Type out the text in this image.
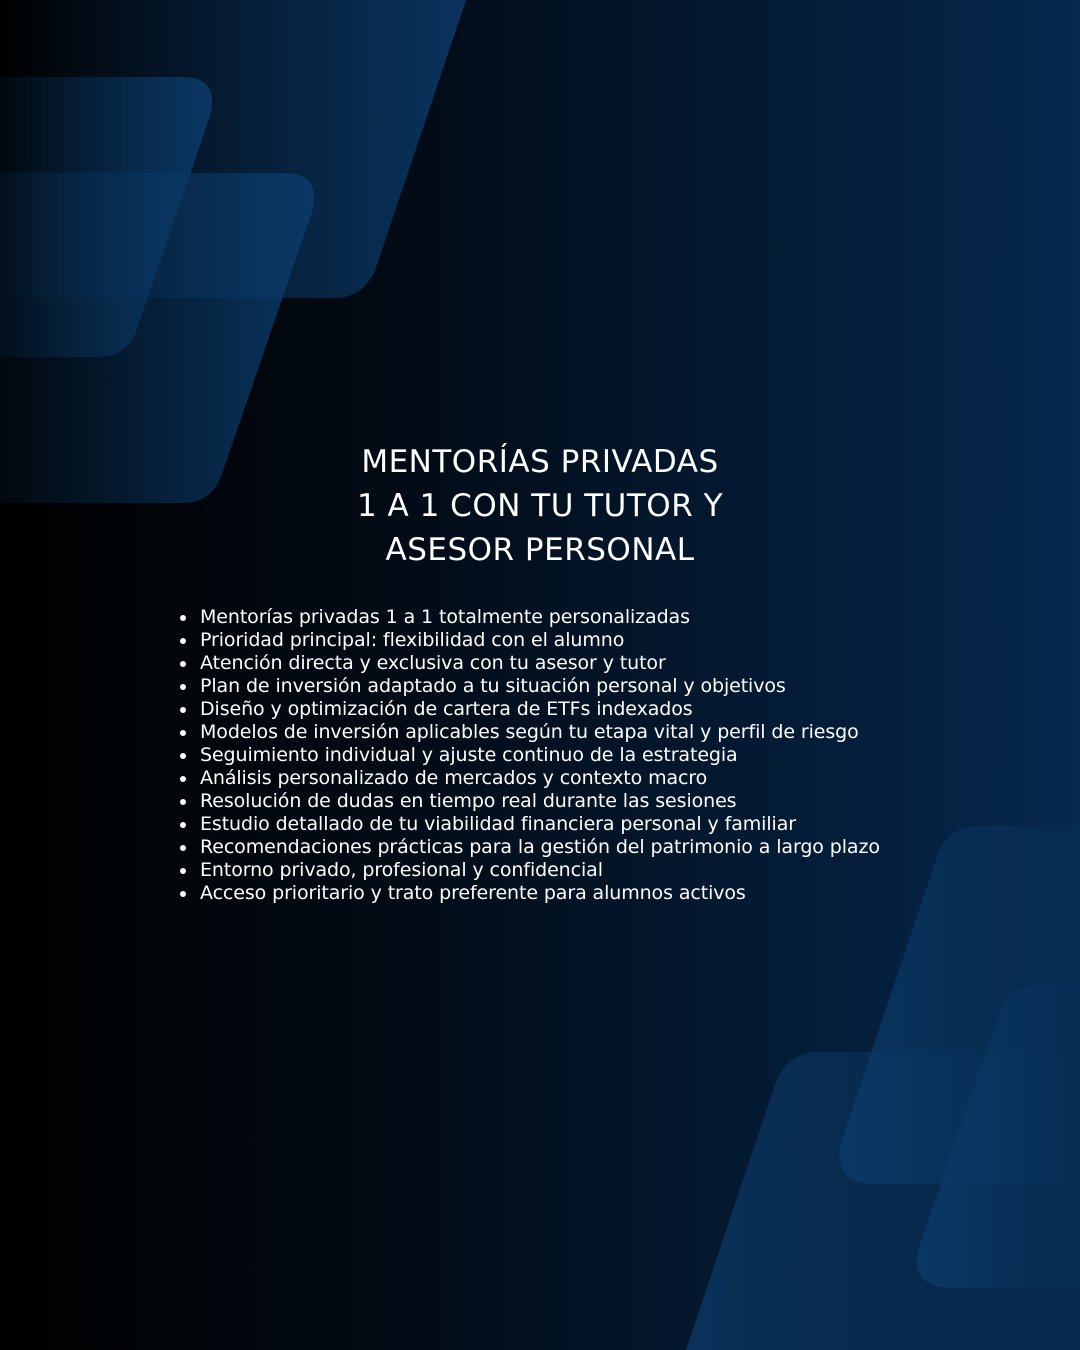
MENTORÍAS PRIVADAS
1 A 1 CON TU TUTOR Y
ASESOR PERSONAL
Mentorías privadas 1 a 1 totalmente personalizadas
Prioridad principal: flexibilidad con el alumno
Atención directa y exclusiva con tu asesor y tutor
Plan de inversión adaptado a tu situación personal y objetivos
Diseño y optimización de cartera de ETFs indexados
Modelos de inversión aplicables según tu etapa vital y perfil de riesgo
Seguimiento individual y ajuste continuo de la estrategia
Análisis personalizado de mercados y contexto macro
Resolución de dudas en tiempo real durante las sesiones
Estudio detallado de tu viabilidad financiera personal y familiar
Recomendaciones prácticas para la gestión del patrimonio a largo plazo
Entorno privado, profesional y confidencial
Acceso prioritario y trato preferente para alumnos activos
